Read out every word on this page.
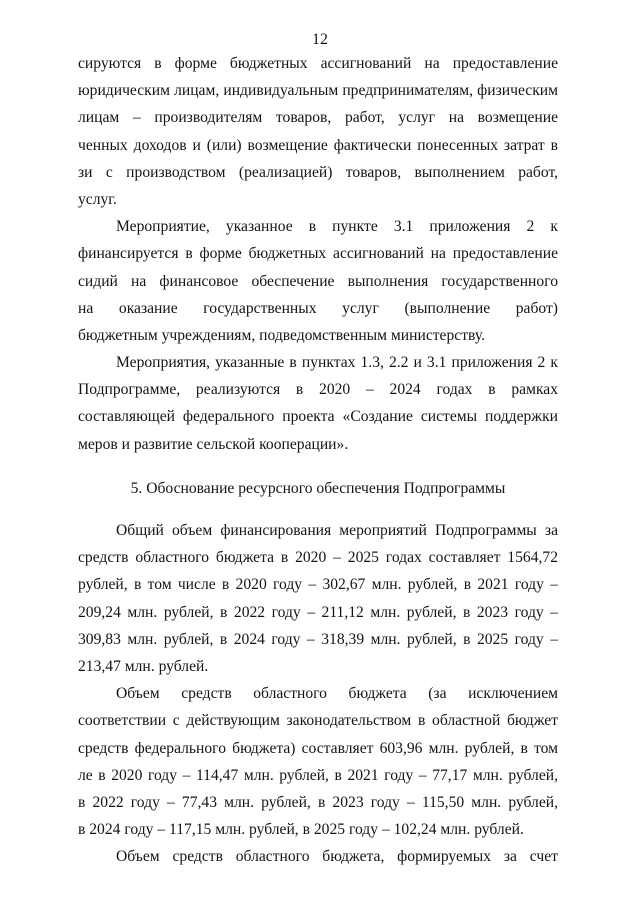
12
сируются в форме бюджетных ассигнований на предоставление
юридическим лицам, индивидуальным предпринимателям, физическим
лицам – производителям товаров, работ, услуг на возмещение
ченных доходов и (или) возмещение фактически понесенных затрат в
зи с производством (реализацией) товаров, выполнением работ,
услуг.
Мероприятие, указанное в пункте 3.1 приложения 2 к
финансируется в форме бюджетных ассигнований на предоставление
сидий на финансовое обеспечение выполнения государственного
на оказание государственных услуг (выполнение работ)
бюджетным учреждениям, подведомственным министерству.
Мероприятия, указанные в пунктах 1.3, 2.2 и 3.1 приложения 2 к
Подпрограмме, реализуются в 2020 – 2024 годах в рамках
составляющей федерального проекта «Создание системы поддержки
меров и развитие сельской кооперации».
5. Обоснование ресурсного обеспечения Подпрограммы
Общий объем финансирования мероприятий Подпрограммы за
средств областного бюджета в 2020 – 2025 годах составляет 1564,72
рублей, в том числе в 2020 году – 302,67 млн. рублей, в 2021 году –
209,24 млн. рублей, в 2022 году – 211,12 млн. рублей, в 2023 году –
309,83 млн. рублей, в 2024 году – 318,39 млн. рублей, в 2025 году –
213,47 млн. рублей.
Объем средств областного бюджета (за исключением
соответствии с действующим законодательством в областной бюджет
средств федерального бюджета) составляет 603,96 млн. рублей, в том
ле в 2020 году – 114,47 млн. рублей, в 2021 году – 77,17 млн. рублей,
в 2022 году – 77,43 млн. рублей, в 2023 году – 115,50 млн. рублей,
в 2024 году – 117,15 млн. рублей, в 2025 году – 102,24 млн. рублей.
Объем средств областного бюджета, формируемых за счет
